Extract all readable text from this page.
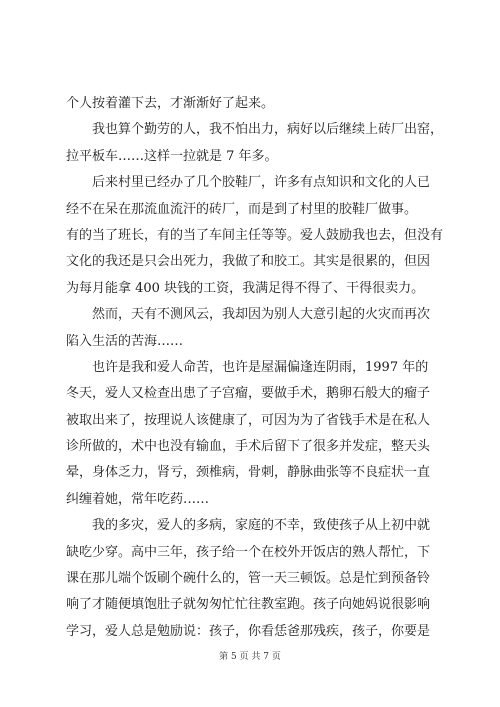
个人按着灌下去，才渐渐好了起来。
我也算个勤劳的人，我不怕出力，病好以后继续上砖厂出窑，
拉平板车……这样一拉就是 7 年多。
后来村里已经办了几个胶鞋厂，许多有点知识和文化的人已
经不在呆在那流血流汗的砖厂，而是到了村里的胶鞋厂做事。
有的当了班长，有的当了车间主任等等。爱人鼓励我也去，但没有
文化的我还是只会出死力，我做了和胶工。其实是很累的，但因
为每月能拿 400 块钱的工资，我满足得不得了、干得很卖力。
然而，天有不测风云，我却因为别人大意引起的火灾而再次
陷入生活的苦海……
也许是我和爱人命苦，也许是屋漏偏逢连阴雨，1997 年的
冬天，爱人又检查出患了子宫瘤，要做手术，鹅卵石般大的瘤子
被取出来了，按理说人该健康了，可因为为了省钱手术是在私人
诊所做的，术中也没有输血，手术后留下了很多并发症，整天头
晕，身体乏力，肾亏，颈椎病，骨刺，静脉曲张等不良症状一直
纠缠着她，常年吃药……
我的多灾，爱人的多病，家庭的不幸，致使孩子从上初中就
缺吃少穿。高中三年，孩子给一个在校外开饭店的熟人帮忙，下
课在那儿端个饭刷个碗什么的，管一天三顿饭。总是忙到预备铃
响了才随便填饱肚子就匆匆忙忙往教室跑。孩子向她妈说很影响
学习，爱人总是勉励说：孩子，你看恁爸那残疾，孩子，你要是
第 5 页 共 7 页
